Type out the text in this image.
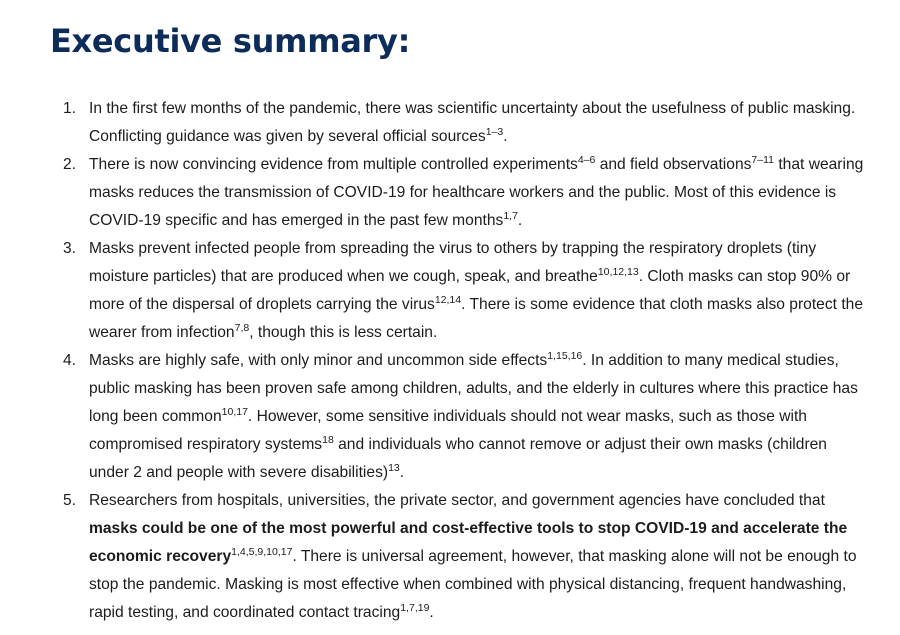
Executive summary:
1. In the first few months of the pandemic, there was scientific uncertainty about the usefulness of public masking. Conflicting guidance was given by several official sources$^{1-3}$.
2. There is now convincing evidence from multiple controlled experiments$^{4-6}$ and field observations$^{7-11}$ that wearing masks reduces the transmission of COVID-19 for healthcare workers and the public. Most of this evidence is COVID-19 specific and has emerged in the past few months$^{1,7}$.
3. Masks prevent infected people from spreading the virus to others by trapping the respiratory droplets (tiny moisture particles) that are produced when we cough, speak, and breathe$^{10,12,13}$. Cloth masks can stop 90% or more of the dispersal of droplets carrying the virus$^{12,14}$. There is some evidence that cloth masks also protect the wearer from infection$^{7,8}$, though this is less certain.
4. Masks are highly safe, with only minor and uncommon side effects$^{1,15,16}$. In addition to many medical studies, public masking has been proven safe among children, adults, and the elderly in cultures where this practice has long been common$^{10,17}$. However, some sensitive individuals should not wear masks, such as those with compromised respiratory systems$^{18}$ and individuals who cannot remove or adjust their own masks (children under 2 and people with severe disabilities)$^{13}$.
5. Researchers from hospitals, universities, the private sector, and government agencies have concluded that masks could be one of the most powerful and cost-effective tools to stop COVID-19 and accelerate the economic recovery$^{1,4,5,9,10,17}$. There is universal agreement, however, that masking alone will not be enough to stop the pandemic. Masking is most effective when combined with physical distancing, frequent handwashing, rapid testing, and coordinated contact tracing$^{1,7,19}$.
